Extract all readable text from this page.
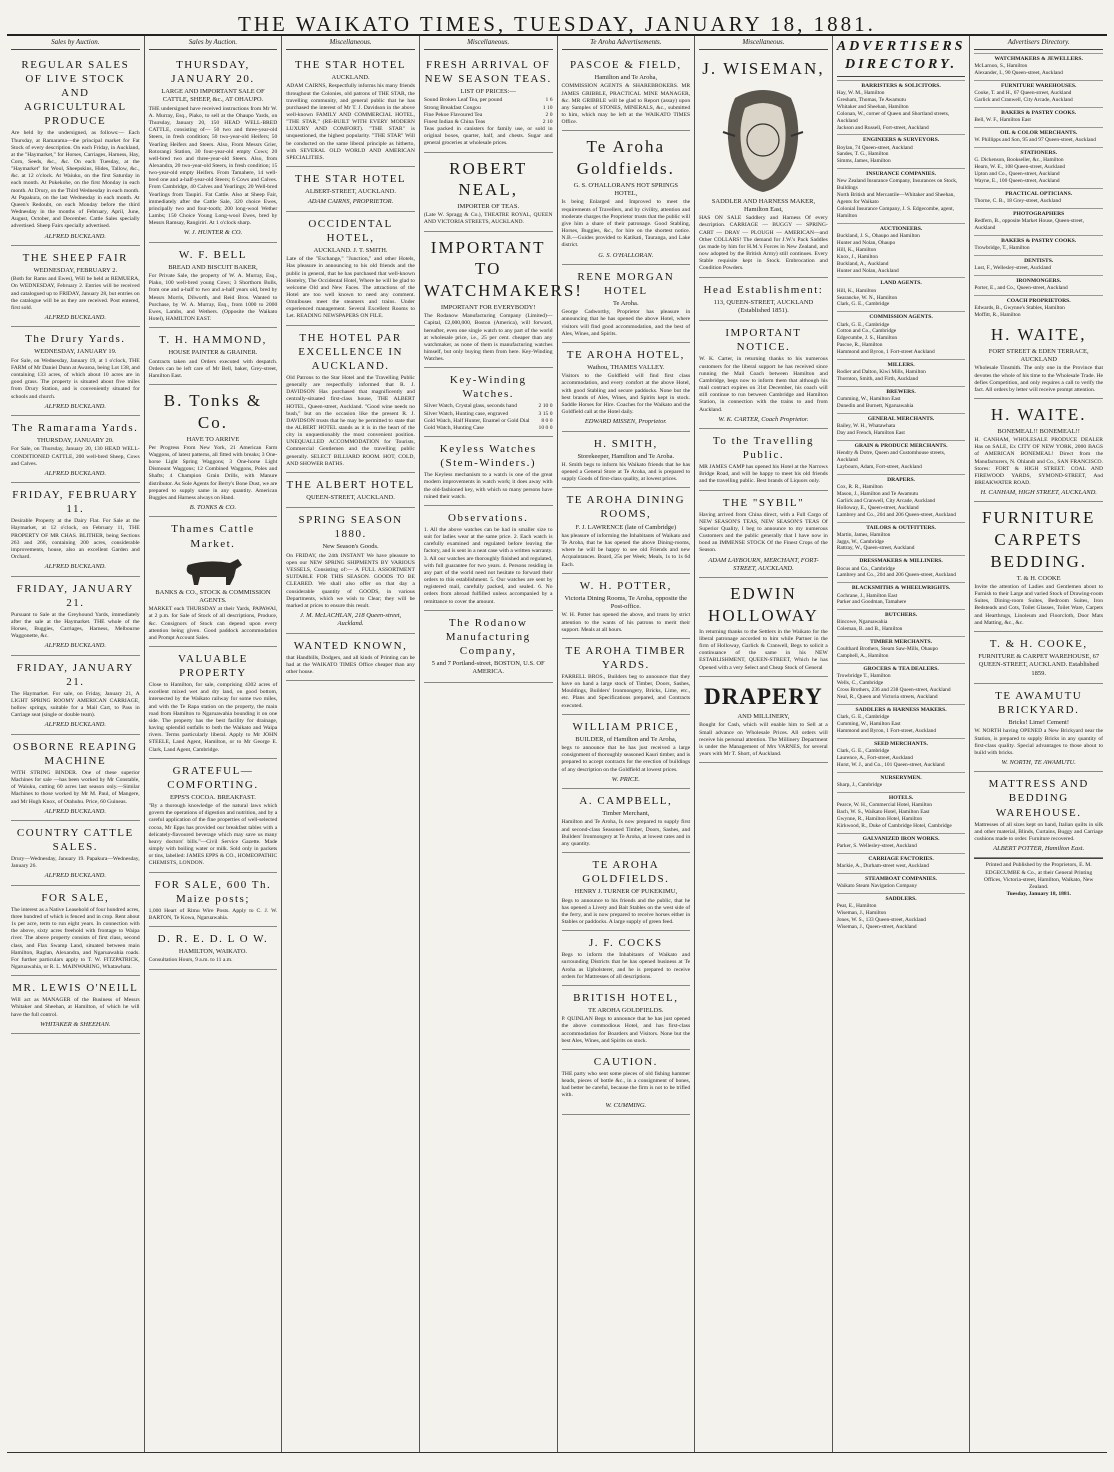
THE WAIKATO TIMES, TUESDAY, JANUARY 18, 1881.
Sales by Auction.
REGULAR SALES OF LIVE STOCK AND AGRICULTURAL PRODUCE
Are held by the undersigned, as follows:— Each Thursday, at Ramarama—the principal market for Fat Stock of every description. On each Friday, in Auckland, at the "Haymarket," for Horses, Carriages, Harness, Hay, Corn, Seeds, &c., &c. On each Tuesday, at the "Haymarket" for Wool, Sheepskins, Hides, Tallow, &c., &c. at 12 o'clock. At Waiuku, on the first Saturday in each month. At Pukekohe, on the first Monday in each month. At Drury, on the Third Wednesday in each month. At Papakura, on the last Wednesday in each month. At Queen's Redoubt, on each Monday before the third Wednesday in the months of February, April, June, August, October, and December. Cattle Sales specially advertised. Sheep Fairs specially advertised.
ALFRED BUCKLAND.
THE SHEEP FAIR
WEDNESDAY, FEBRUARY 2.
(Both for Rams and Ewes), Will be held at REMUERA, On WEDNESDAY, February 2. Entries will be received and catalogued up to FRIDAY, January 28, but entries on the catalogue will be as they are received. Post entered, first sold.
ALFRED BUCKLAND.
The Drury Yards.
WEDNESDAY, JANUARY 19.
For Sale, on Wednesday, January 19, at 1 o'clock, THE FARM of Mr Daniel Dunn at Awaroa, being Lot 138, and containing 133 acres, of which about 10 acres are in good grass. The property is situated about five miles from Drury Station, and is conveniently situated for schools and church.
ALFRED BUCKLAND.
The Ramarama Yards.
THURSDAY, JANUARY 20.
For Sale, on Thursday, January 20, 130 HEAD WELL-CONDITIONED CATTLE, 200 well-bred Sheep, Cows and Calves.
ALFRED BUCKLAND.
FRIDAY, FEBRUARY 11.
Desirable Property at the Dairy Flat. For Sale at the Haymarket, at 12 o'clock, on February 11, THE PROPERTY OF MR CHAS. BLITHER, being Sections 263 and 266, containing 200 acres, considerable improvements, house, also an excellent Garden and Orchard.
ALFRED BUCKLAND.
FRIDAY, JANUARY 21.
Pursuant to Sale at the Greyhound Yards, immediately after the sale at the Haymarket. THE whole of the Horses, Buggies, Carriages, Harness, Melbourne Waggonette, &c.
ALFRED BUCKLAND.
FRIDAY, JANUARY 21.
The Haymarket. For sale, on Friday, January 21, A LIGHT SPRING ROOMY AMERICAN CARRIAGE, hollow springs, suitable for a Mail Cart, to Pass in Carriage seat (single or double team).
ALFRED BUCKLAND.
OSBORNE REAPING MACHINE
WITH STRING BINDER. One of these superior Machines for sale —has been worked by Mr Constable, of Waiuku, cutting 60 acres last season only.—Similar Machines to those worked by Mr M. Paul, of Mangere, and Mr Hugh Knox, of Otahuhu. Price, 60 Guineas.
ALFRED BUCKLAND.
COUNTRY CATTLE SALES.
Drury—Wednesday, January 19. Papakura—Wednesday, January 26.
ALFRED BUCKLAND.
FOR SALE,
The interest as a Native Leasehold of four hundred acres, three hundred of which is fenced and in crop. Rent about 1s per acre, term to run eight years. In connection with the above, sixty acres freehold with frontage to Waipa river. The above property consists of first class, second class, and Flax Swamp Land, situated between main Hamilton, Raglan, Alexandra, and Ngaruawahia roads. For further particulars apply to T. W. FITZPATRICK, Ngaruawahia, or R. L. MAINWARING, Whatawhata.
MR. LEWIS O'NEILL
Will act as MANAGER of the Business of Messrs Whitaker and Sheehan, at Hamilton, of which he will have the full control.
WHITAKER & SHEEHAN.
Sales by Auction.
THURSDAY, JANUARY 20.
LARGE AND IMPORTANT SALE OF CATTLE, SHEEP, &c., AT OHAUPO.
THE undersigned have received instructions from Mr W. A. Murray, Esq., Piako, to sell at the Ohaupo Yards, on Thursday, January 20, 150 HEAD WELL-BRED CATTLE, consisting of— 50 two and three-year-old Steers, in fresh condition; 50 two-year-old Heifers; 50 Yearling Heifers and Steers. Also, From Messrs Grier, Rotorangi Station, 30 four-year-old empty Cows; 20 well-bred two and three-year-old Steers. Also, from Alexandra, 20 two-year-old Steers, in fresh condition; 15 two-year-old empty Heifers. From Tamahere, 14 well-bred one and a-half-year-old Steers; 6 Cows and Calves. From Cambridge, 40 Calves and Yearlings; 20 Well-bred Yearlings from Taupiri. Fat Cattle. Also at Sheep Fair, immediately after the Cattle Sale, 320 choice Ewes, principally two and four-tooth; 200 long-wool Wether Lambs; 150 Choice Young Long-wool Ewes, bred by Messrs Ramsay, Rangiriri. At 1 o'clock sharp.
W. J. HUNTER & CO.
W. F. BELL
BREAD AND BISCUIT BAKER,
For Private Sale, the property of W. A. Murray, Esq., Piako, 100 well-bred young Cows; 3 Shorthorn Bulls, from one and a-half to two and a-half years old, bred by Messrs Morris, Dilworth, and Reid Bros. Wanted to Purchase, by W. A. Murray, Esq., from 1000 to 2000 Ewes, Lambs, and Wethers. (Opposite the Waikato Hotel), HAMILTON EAST.
T. H. HAMMOND,
HOUSE PAINTER & GRAINER.
Contracts taken and Orders executed with despatch. Orders can be left care of Mr Bell, baker, Grey-street, Hamilton East.
B. Tonks & Co.
HAVE TO ARRIVE
Per Progress From New York, 21 American Farm Waggons, of latest patterns, all fitted with breaks; 3 One-horse Light Spring Waggons; 3 One-horse Light Dismount Waggons; 12 Combined Waggons, Poles and Shafts; 4 Champion Grain Drills, with Manure distributor. As Sole Agents for Berry's Bone Dust, we are prepared to supply same in any quantity. American Buggies and Harness always on Hand.
B. TONKS & CO.
Thames Cattle Market.
BANKS & CO., STOCK & COMMISSION AGENTS.
MARKET each THURSDAY at their Yards, PAPAWAI, at 2 p.m. for Sale of Stock of all descriptions, Produce, &c. Consignors of Stock can depend upon every attention being given. Good paddock accommodation and Prompt Account Sales.
VALUABLE PROPERTY
Close to Hamilton, for sale, comprising 4302 acres of excellent mixed wet and dry land, on good bottom, intersected by the Waikato railway for some two miles, and with the Te Rapa station on the property, the main road from Hamilton to Ngaruawahia bounding it on one side. The property has the best facility for drainage, having splendid outfalls to both the Waikato and Waipa rivers. Terms particularly liberal. Apply to Mr JOHN STEELE, Land Agent, Hamilton, or to Mr George E. Clark, Land Agent, Cambridge.
GRATEFUL—COMFORTING.
EPPS'S COCOA. BREAKFAST.
"By a thorough knowledge of the natural laws which govern the operations of digestion and nutrition, and by a careful application of the fine properties of well-selected cocoa, Mr Epps has provided our breakfast tables with a delicately-flavoured beverage which may save us many heavy doctors' bills."—Civil Service Gazette. Made simply with boiling water or milk. Sold only in packets or tins, labelled: JAMES EPPS & CO., HOMEOPATHIC CHEMISTS, LONDON.
FOR SALE, 600 Th. Maize posts;
1,000 Heart of Rimu Wire Posts. Apply to C. J. W. BARTON, Te Kowa, Ngaruawahia.
D. R. E. D. L O W.
HAMILTON, WAIKATO.
Consultation Hours, 9 a.m. to 11 a.m.
Miscellaneous.
THE STAR HOTEL
AUCKLAND.
ADAM CAIRNS, Respectfully informs his many friends throughout the Colonies, old patrons of THE STAR, the travelling community, and general public that he has purchased the interest of Mr T. J. Davidson in the above well-known FAMILY AND COMMERCIAL HOTEL, "THE STAR," (RE-BUILT WITH EVERY MODERN LUXURY AND COMFORT). "THE STAR" is unquestioned, the highest popularity. "THE STAR" Will be conducted on the same liberal principle as hitherto, with SEVERAL OLD WORLD AND AMERICAN SPECIALITIES.
THE STAR HOTEL
ALBERT-STREET, AUCKLAND.
ADAM CAIRNS, PROPRIETOR.
OCCIDENTAL HOTEL,
AUCKLAND. J. T. SMITH.
Late of the "Exchange," "Junction," and other Hotels, Has pleasure in announcing to his old friends and the public in general, that he has purchased that well-known Hostelry, The Occidental Hotel, Where he will be glad to welcome Old and New Faces. The attractions of the Hotel are too well known to need any comment. Omnibuses meet the steamers and trains. Under experienced management. Several Excellent Rooms to Let. READING NEWSPAPERS ON FILE.
THE HOTEL PAR EXCELLENCE IN AUCKLAND.
Old Patrons to the Star Hotel and the Travelling Public generally are respectfully informed that R. J. DAVIDSON Has purchased that magnificently and centrally-situated first-class house, THE ALBERT HOTEL, Queen-street, Auckland. "Good wine needs no bush," but on the occasion like the present R. J. DAVIDSON trusts that he may be permitted to state that the ALBERT HOTEL stands as it is in the heart of the city in unquestionably the most convenient position. UNEQUALLED ACCOMMODATION for Tourists, Commercial Gentlemen and the travelling public generally. SELECT BILLIARD ROOM. HOT, COLD, AND SHOWER BATHS.
THE ALBERT HOTEL
QUEEN-STREET, AUCKLAND.
SPRING SEASON 1880.
New Season's Goods.
On FRIDAY, the 24th INSTANT We have pleasure to open our NEW SPRING SHIPMENTS BY VARIOUS VESSELS, Consisting of:— A FULL ASSORTMENT SUITABLE FOR THIS SEASON. GOODS TO BE CLEARED. We shall also offer on that day a considerable quantity of GOODS, in various Departments, which we wish to Clear; they will be marked at prices to ensure this result.
J. M. McLACHLAN, 218 Queen-street, Auckland.
WANTED KNOWN,
that Handbills, Dodgers, and all kinds of Printing can be had at the WAIKATO TIMES Office cheaper than any other house.
Miscellaneous.
FRESH ARRIVAL OF NEW SEASON TEAS.
LIST OF PRICES:—
Sound Broken Leaf Tea, per pound	1 6
Strong Breakfast Congou	1 10
Fine Pekoe Flavoured Tea	2 0
Finest Indian & China Teas	2 10
Teas packed in canisters for family use, or sold in original boxes, quarter, half, and chests. Sugar and general groceries at wholesale prices.
ROBERT NEAL,
IMPORTER OF TEAS.
(Late W. Spragg & Co.), THEATRE ROYAL, QUEEN AND VICTORIA STREETS, AUCKLAND.
IMPORTANT TO WATCHMAKERS!
IMPORTANT FOR EVERYBODY!
The Rodanow Manufacturing Company (Limited)—Capital, £2,000,000, Boston (America), will forward, hereafter, even one single watch to any part of the world at wholesale price, i.e., 25 per cent. cheaper than any watchmaker, as none of them is manufacturing watches himself, but only buying them from here. Key-Winding Watches.
Key-Winding Watches.
Silver Watch, Crystal glass, seconds hand	2 10 0
Silver Watch, Hunting case, engraved	3 15 0
Gold Watch, Half Hunter, Enamel or Gold Dial 8 0 0
Gold Watch, Hunting Case	10 0 0
Keyless Watches (Stem-Winders.)
The Keyless mechanism to a watch is one of the great modern improvements in watch work; it does away with the old-fashioned key, with which so many persons have ruined their watch.
Observations.
1. All the above watches can be had in smaller size to suit for ladies wear at the same price. 2. Each watch is carefully examined and regulated before leaving the factory, and is sent in a neat case with a written warranty. 3. All our watches are thoroughly finished and regulated, with full guarantee for two years. 4. Persons residing in any part of the world need not hesitate to forward their orders to this establishment. 5. Our watches are sent by registered mail, carefully packed, and sealed. 6. No orders from abroad fulfilled unless accompanied by a remittance to cover the amount.
The Rodanow Manufacturing Company,
5 and 7 Portland-street, BOSTON, U.S. OF AMERICA.
Te Aroha Advertisements.
PASCOE & FIELD,
Hamilton and Te Aroha,
COMMISSION AGENTS & SHAREBROKERS. MR JAMES GRIBBLE, PRACTICAL MINE MANAGER, &c. MR GRIBBLE will be glad to Report (assay) upon any Samples of STONES, MINERALS, &c., submitted to him, which may be left at the WAIKATO TIMES Office.
Te Aroha Goldfields.
G. S. O'HALLORAN'S HOT SPRINGS HOTEL,
Is being Enlarged and Improved to meet the requirements of Travellers, and by civility, attention and moderate charges the Proprietor trusts that the public will give him a share of their patronage. Good Stabling, Horses, Buggies, &c., for hire on the shortest notice. N.B.—Guides provided to Katikati, Tauranga, and Lake district.
G. S. O'HALLORAN.
RENE MORGAN HOTEL
Te Aroha.
George Cadworthy, Proprietor has pleasure in announcing that he has opened the above Hotel, where visitors will find good accommodation, and the best of Ales, Wines, and Spirits.
TE AROHA HOTEL,
Waihou, THAMES VALLEY.
Visitors to the Goldfield will find first class accommodation, and every comfort at the above Hotel, with good Stabling and secure paddocks. None but the best brands of Ales, Wines, and Spirits kept in stock. Saddle Horses for Hire. Coaches for the Waikato and the Goldfield call at the Hotel daily.
EDWARD MISSEN, Proprietor.
H. SMITH,
Storekeeper, Hamilton and Te Aroha.
H. Smith begs to inform his Waikato friends that he has opened a General Store at Te Aroha, and is prepared to supply Goods of first-class quality, at lowest prices.
TE AROHA DINING ROOMS,
F. J. LAWRENCE (late of Cambridge)
has pleasure of informing the Inhabitants of Waikato and Te Aroha, that he has opened the above Dining-rooms, where he will be happy to see old Friends and new Acquaintances. Board, 25s per Week; Meals, 1s to 1s 6d Each.
W. H. POTTER,
Victoria Dining Rooms, Te Aroha, opposite the Post-office.
W. H. Potter has opened the above, and trusts by strict attention to the wants of his patrons to merit their support. Meals at all hours.
TE AROHA TIMBER YARDS.
FARRELL BROS., Builders beg to announce that they have on hand a large stock of Timber, Doors, Sashes, Mouldings, Builders' Ironmongery, Bricks, Lime, etc., etc. Plans and Specifications prepared, and Contracts executed.
WILLIAM PRICE,
BUILDER, of Hamilton and Te Aroha,
begs to announce that he has just received a large consignment of thoroughly seasoned Kauri timber, and is prepared to accept contracts for the erection of buildings of any description on the Goldfield at lowest prices.
W. PRICE.
A. CAMPBELL,
Timber Merchant,
Hamilton and Te Aroha, Is now prepared to supply first and second-class Seasoned Timber, Doors, Sashes, and Builders' Ironmongery at Te Aroha, at lowest rates and in any quantity.
TE AROHA GOLDFIELDS.
HENRY J. TURNER OF PUKEKIMU,
Begs to announce to his friends and the public, that he has opened a Livery and Bait Stables on the west side of the ferry, and is now prepared to receive horses either in Stables or paddocks. A large supply of green feed.
J. F. COCKS
Begs to inform the Inhabitants of Waikato and surrounding Districts that he has opened business at Te Aroha as Upholsterer, and he is prepared to receive orders for Mattresses of all descriptions.
BRITISH HOTEL,
TE AROHA GOLDFIELDS.
P. QUINLAN Begs to announce that he has just opened the above commodious Hotel, and has first-class accommodation for Boarders and Visitors. None but the best Ales, Wines, and Spirits on stock.
CAUTION.
THE party who sent some pieces of old fishing hammer heads, pieces of bottle &c., in a consignment of bones, had better be careful, because the firm is not to be trifled with.
W. CUMMING.
Miscellaneous.
J. WISEMAN,
SADDLER AND HARNESS MAKER, Hamilton East,
HAS ON SALE Saddlery and Harness Of every description. CARRIAGE — BUGGY — SPRING-CART — DRAY — PLOUGH — AMERICAN—and Other COLLARS! The demand for J.W.'s Pack Saddles (as made by him for H.M.'s Forces in New Zealand, and now adopted by the British Army) still continues. Every Stable requisite kept in Stock. Embrocation and Condition Powders.
Head Establishment:
113, QUEEN-STREET, AUCKLAND (Established 1851).
IMPORTANT NOTICE.
W. K. Carter, in returning thanks to his numerous customers for the liberal support he has received since running the Mail Coach between Hamilton and Cambridge, begs now to inform them that although his mail contract expires on 31st December, his coach will still continue to run between Cambridge and Hamilton Station, in connection with the trains to and from Auckland.
W. K. CARTER, Coach Proprietor.
To the Travelling Public.
MR JAMES CAMP has opened his Hotel at the Narrows Bridge Road, and will be happy to meet his old friends and the travelling public. Best brands of Liquors only.
THE "SYBIL"
Having arrived from China direct, with a Full Cargo of NEW SEASON'S TEAS, NEW SEASON'S TEAS Of Superior Quality, I beg to announce to my numerous Customers and the public generally that I have now in bond an IMMENSE STOCK Of the Finest Crops of the Season.
ADAM LAYBOURN, MERCHANT, FORT-STREET, AUCKLAND.
EDWIN HOLLOWAY
In returning thanks to the Settlers in the Waikato for the liberal patronage accorded to him while Partner in the firm of Holloway, Garlick & Cranwell, Begs to solicit a continuance of the same in his NEW ESTABLISHMENT, QUEEN-STREET, Which he has Opened with a very Select and Cheap Stock of General
DRAPERY
AND MILLINERY,
Bought for Cash, which will enable him to Sell at a Small advance on Wholesale Prices. All orders will receive his personal attention. The Millinery Department is under the Management of Mrs VARNES, for several years with Mr T. Short, of Auckland.
ADVERTISERS DIRECTORY.
BARRISTERS & SOLICITORS.
Hay, W. M., Hamilton
Gresham, Thomas, Te Awamutu
Whitaker and Sheehan, Hamilton
Colonan, W., corner of Queen and Shortland streets, Auckland
Jackson and Russell, Fort-street, Auckland
ENGINEERS & SURVEYORS.
Boylan, 74 Queen-street, Auckland
Sandes, T. G., Hamilton
Simms, James, Hamilton
INSURANCE COMPANIES.
New Zealand Insurance Company, Insurances on Stock, Buildings
North British and Mercantile—Whitaker and Sheehan, Agents for Waikato
Colonial Insurance Company, J. S. Edgecombe, agent, Hamilton
AUCTIONEERS.
Buckland, J. S., Ohaupo and Hamilton
Hunter and Nolan, Ohaupo
Hill, K., Hamilton
Knox, J., Hamilton
Buckland, A., Auckland
Hunter and Nolan, Auckland
LAND AGENTS.
Hill, K., Hamilton
Searancke, W. N., Hamilton
Clark, G. E., Cambridge
COMMISSION AGENTS.
Clark, G. E., Cambridge
Cotton and Co., Cambridge
Edgecumbe, J. S., Hamilton
Pascoe, R., Hamilton
Hammond and Byron, 1 Fort-street Auckland
MILLERS.
Rodier and Dalton, Kiwi Mills, Hamilton
Thornton, Smith, and Firth, Auckland
BREWERS.
Cumming, W., Hamilton East
Dunedin and Burnett, Ngaruawahia
GENERAL MERCHANTS.
Bailey, W. H., Whatawhata
Day and French, Hamilton East
GRAIN & PRODUCE MERCHANTS.
Hendry & Dotre, Queen and Customhouse streets, Auckland
Laybourn, Adam, Fort-street, Auckland
DRAPERS.
Cox, R. R., Hamilton
Mason, J., Hamilton and Te Awamutu
Garlick and Cranwell, City Arcade, Auckland
Holloway, E., Queen-street, Auckland
Lambrey and Co., 204 and 206 Queen-street, Auckland
TAILORS & OUTFITTERS.
Martin, James, Hamilton
Jaggs, W., Cambridge
Rattray, W., Queen-street, Auckland
DRESSMAKERS & MILLINERS.
Bocus and Co., Cambridge
Lambrey and Co., 204 and 206 Queen-street, Auckland
BLACKSMITHS & WHEELWRIGHTS.
Cochrane, J., Hamilton East
Parker and Goodman, Tamahere
BUTCHERS.
Bincowe, Ngaruawahia
Coleman, B. and B., Hamilton
TIMBER MERCHANTS.
Coulthard Brothers, Steam Saw-Mills, Ohaupo
Campbell, A., Hamilton
GROCERS & TEA DEALERS.
Trowbridge T., Hamilton
Wells, C., Cambridge
Cross Brothers, 236 and 238 Queen-street, Auckland
Neal, R., Queen and Victoria streets, Auckland
SADDLERS & HARNESS MAKERS.
Clark, G. E., Cambridge
Cumming, W., Hamilton East
Hammond and Byron, 1 Fort-street, Auckland
SEED MERCHANTS.
Clark, G. E., Cambridge
Laurence, A., Fort-street, Auckland
Hurst, W. J., and Co., 101 Queen-street, Auckland
NURSERYMEN.
Sharp, J., Cambridge
HOTELS.
Pearce, W. H., Commercial Hotel, Hamilton
Bach, W. S., Waikato Hotel, Hamilton East
Gwynne, R., Hamilton Hotel, Hamilton
Kirkwood, R., Duke of Cambridge Hotel, Cambridge
GALVANIZED IRON WORKS.
Parker, S. Wellesley-street, Auckland
CARRIAGE FACTORIES.
Mackie, A., Durham-street west, Auckland
STEAMBOAT COMPANIES.
Waikato Steam Navigation Company
SADDLERS.
Peat, E., Hamilton
Wiseman, J., Hamilton
Jones, W. S., 133 Queen-street, Auckland
Wiseman, J., Queen-street, Auckland
Advertisers Directory.
WATCHMAKERS & JEWELLERS.
McLarnon, S., Hamilton
Alexander, I., 90 Queen-street, Auckland
FURNITURE WAREHOUSES.
Cooke, T. and H., 67 Queen-street, Auckland
Garlick and Cranwell, City Arcade, Auckland
BAKERS & PASTRY COOKS.
Bell, W. F., Hamilton East
OIL & COLOR MERCHANTS.
W. Phillipps and Son, 95 and 97 Queen-street, Auckland
STATIONERS.
G. Dickenson, Bookseller, &c., Hamilton
Hearn, W. E., 108 Queen-street, Auckland
Upton and Co., Queen-street, Auckland
Wayne, E., 100 Queen-street, Auckland
PRACTICAL OPTICIANS.
Thorne, C. B., 18 Grey-street, Auckland
PHOTOGRAPHERS
Redfern, B., opposite Market House, Queen-street, Auckland
BAKERS & PASTRY COOKS.
Trowbridge, T., Hamilton
DENTISTS.
Lust, F., Wellesley-street, Auckland
IRONMONGERS.
Porter, E., and Co., Queen-street, Auckland
COACH PROPRIETORS.
Edwards, B., Gwynne's Stables, Hamilton
Moffitt, R., Hamilton
H. WAITE,
FORT STREET & EDEN TERRACE, AUCKLAND
Wholesale Tinsmith. The only one in the Province that devotes the whole of his time to the Wholesale Trade. He defies Competition, and only requires a call to verify the fact. All orders by letter will receive prompt attention.
H. WAITE.
BONEMEAL!! BONEMEAL!!
H. CANHAM, WHOLESALE PRODUCE DEALER Has on SALE, Ex CITY OF NEW YORK, 2000 BAGS of AMERICAN BONEMEAL! Direct from the Manufacturers, N. Ohlandt and Co., SAN FRANCISCO. Stores: FORT & HIGH STREET. COAL AND FIREWOOD YARDS, SYMOND-STREET, And BREAKWATER ROAD.
H. CANHAM, HIGH STREET, AUCKLAND.
FURNITURE CARPETS BEDDING.
T. & H. COOKE
Invite the attention of Ladies and Gentlemen about to Furnish to their Large and varied Stock of Drawing-room Suites, Dining-room Suites, Bedroom Suites, Iron Bedsteads and Cots, Toilet Glasses, Toilet Ware, Carpets and Hearthrugs, Linoleum and Floorcloth, Door Mats and Matting, &c., &c.
T. & H. COOKE,
FURNITURE & CARPET WAREHOUSE, 67 QUEEN-STREET, AUCKLAND. Established 1859.
TE AWAMUTU BRICKYARD.
Bricks! Lime! Cement!
W. NORTH having OPENED a New Brickyard near the Station, is prepared to supply Bricks in any quantity of first-class quality. Special advantages to those about to build with bricks.
W. NORTH, TE AWAMUTU.
MATTRESS AND BEDDING WAREHOUSE.
Mattresses of all sizes kept on hand, Italian quilts in silk and other material, Blinds, Curtains, Buggy and Carriage cushions made to order. Furniture recovered.
ALBERT POTTER, Hamilton East.
Printed and Published by the Proprietors, E. M. EDGECUMBE & Co., at their General Printing Offices, Victoria-street, Hamilton, Waikato, New Zealand.
Tuesday, January 18, 1881.
